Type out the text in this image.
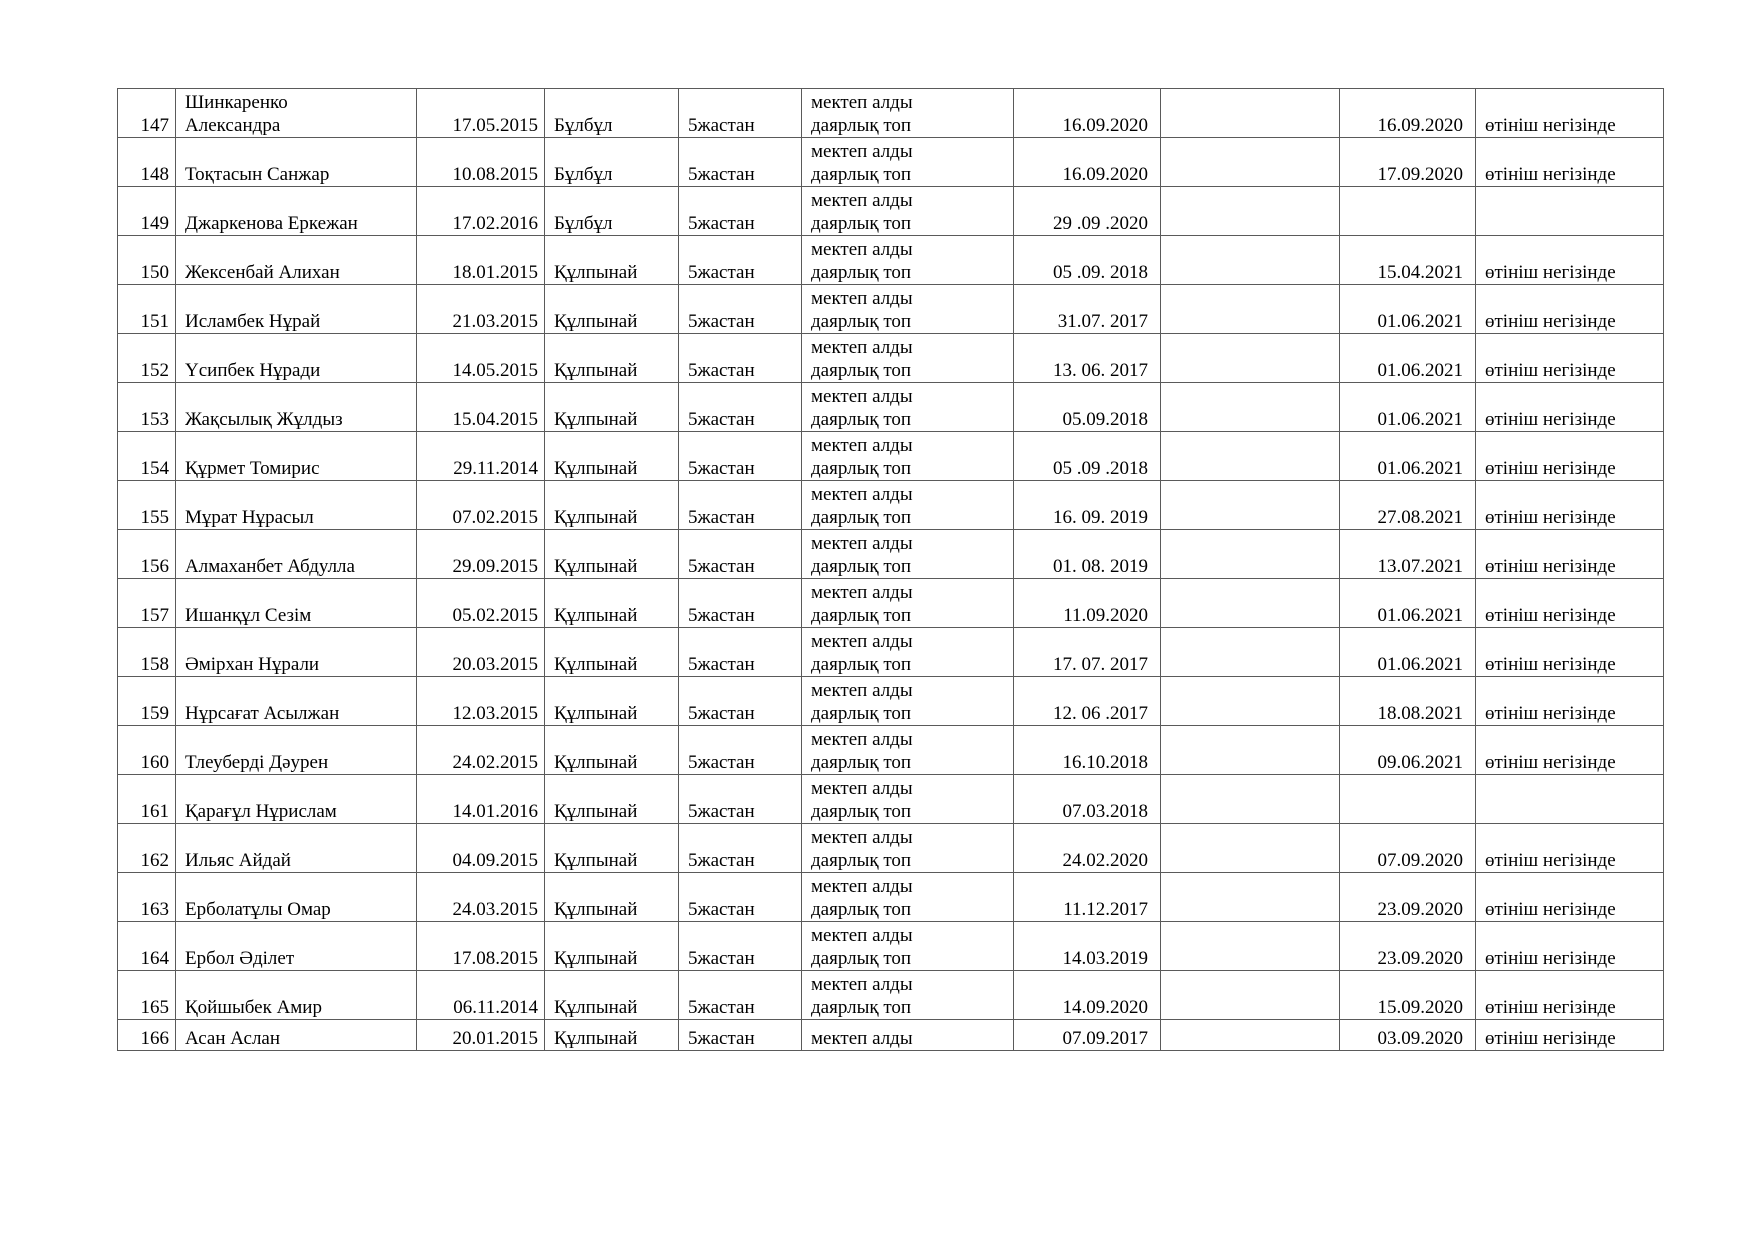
147	Шинкаренко
Александра	17.05.2015	Бұлбұл	5жастан	мектеп алды
даярлық топ	16.09.2020		16.09.2020	өтініш негізінде
148	Тоқтасын Санжар	10.08.2015	Бұлбұл	5жастан	мектеп алды
даярлық топ	16.09.2020		17.09.2020	өтініш негізінде
149	Джаркенова Еркежан	17.02.2016	Бұлбұл	5жастан	мектеп алды
даярлық топ	29 .09 .2020			
150	Жексенбай Алихан	18.01.2015	Құлпынай	5жастан	мектеп алды
даярлық топ	05 .09. 2018		15.04.2021	өтініш негізінде
151	Исламбек Нұрай	21.03.2015	Құлпынай	5жастан	мектеп алды
даярлық топ	31.07. 2017		01.06.2021	өтініш негізінде
152	Үсипбек Нұради	14.05.2015	Құлпынай	5жастан	мектеп алды
даярлық топ	13. 06. 2017		01.06.2021	өтініш негізінде
153	Жақсылық Жұлдыз	15.04.2015	Құлпынай	5жастан	мектеп алды
даярлық топ	05.09.2018		01.06.2021	өтініш негізінде
154	Құрмет Томирис	29.11.2014	Құлпынай	5жастан	мектеп алды
даярлық топ	05 .09 .2018		01.06.2021	өтініш негізінде
155	Мұрат Нұрасыл	07.02.2015	Құлпынай	5жастан	мектеп алды
даярлық топ	16. 09. 2019		27.08.2021	өтініш негізінде
156	Алмаханбет Абдулла	29.09.2015	Құлпынай	5жастан	мектеп алды
даярлық топ	01. 08. 2019		13.07.2021	өтініш негізінде
157	Ишанқұл Сезім	05.02.2015	Құлпынай	5жастан	мектеп алды
даярлық топ	11.09.2020		01.06.2021	өтініш негізінде
158	Әмірхан Нұрали	20.03.2015	Құлпынай	5жастан	мектеп алды
даярлық топ	17. 07. 2017		01.06.2021	өтініш негізінде
159	Нұрсағат Асылжан	12.03.2015	Құлпынай	5жастан	мектеп алды
даярлық топ	12. 06 .2017		18.08.2021	өтініш негізінде
160	Тлеуберді Дәурен	24.02.2015	Құлпынай	5жастан	мектеп алды
даярлық топ	16.10.2018		09.06.2021	өтініш негізінде
161	Қарағұл Нұрислам	14.01.2016	Құлпынай	5жастан	мектеп алды
даярлық топ	07.03.2018			
162	Ильяс Айдай	04.09.2015	Құлпынай	5жастан	мектеп алды
даярлық топ	24.02.2020		07.09.2020	өтініш негізінде
163	Ерболатұлы Омар	24.03.2015	Құлпынай	5жастан	мектеп алды
даярлық топ	11.12.2017		23.09.2020	өтініш негізінде
164	Ербол Әділет	17.08.2015	Құлпынай	5жастан	мектеп алды
даярлық топ	14.03.2019		23.09.2020	өтініш негізінде
165	Қойшыбек Амир	06.11.2014	Құлпынай	5жастан	мектеп алды
даярлық топ	14.09.2020		15.09.2020	өтініш негізінде
166	Асан Аслан	20.01.2015	Құлпынай	5жастан	мектеп алды	07.09.2017		03.09.2020	өтініш негізінде
